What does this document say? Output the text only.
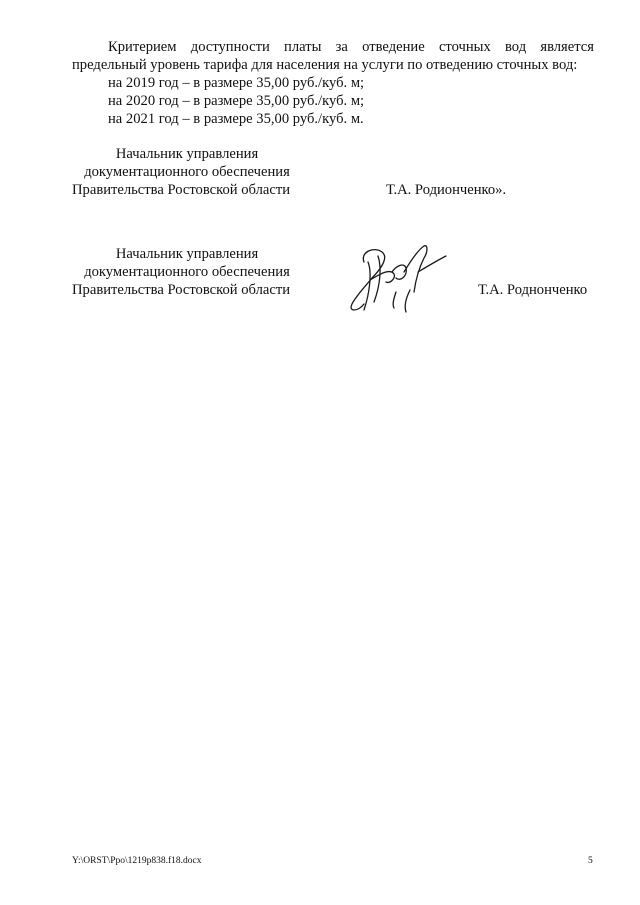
Критерием доступности платы за отведение сточных вод является предельный уровень тарифа для населения на услуги по отведению сточных вод:

на 2019 год – в размере 35,00 руб./куб. м;
на 2020 год – в размере 35,00 руб./куб. м;
на 2021 год – в размере 35,00 руб./куб. м.
Начальник управления
документационного обеспечения
Правительства Ростовской области	Т.А. Родионченко».
Начальник управления
документационного обеспечения
Правительства Ростовской области	Т.А. Роднонченко
Y:\ORST\Ppo\1219p838.f18.docx	5
